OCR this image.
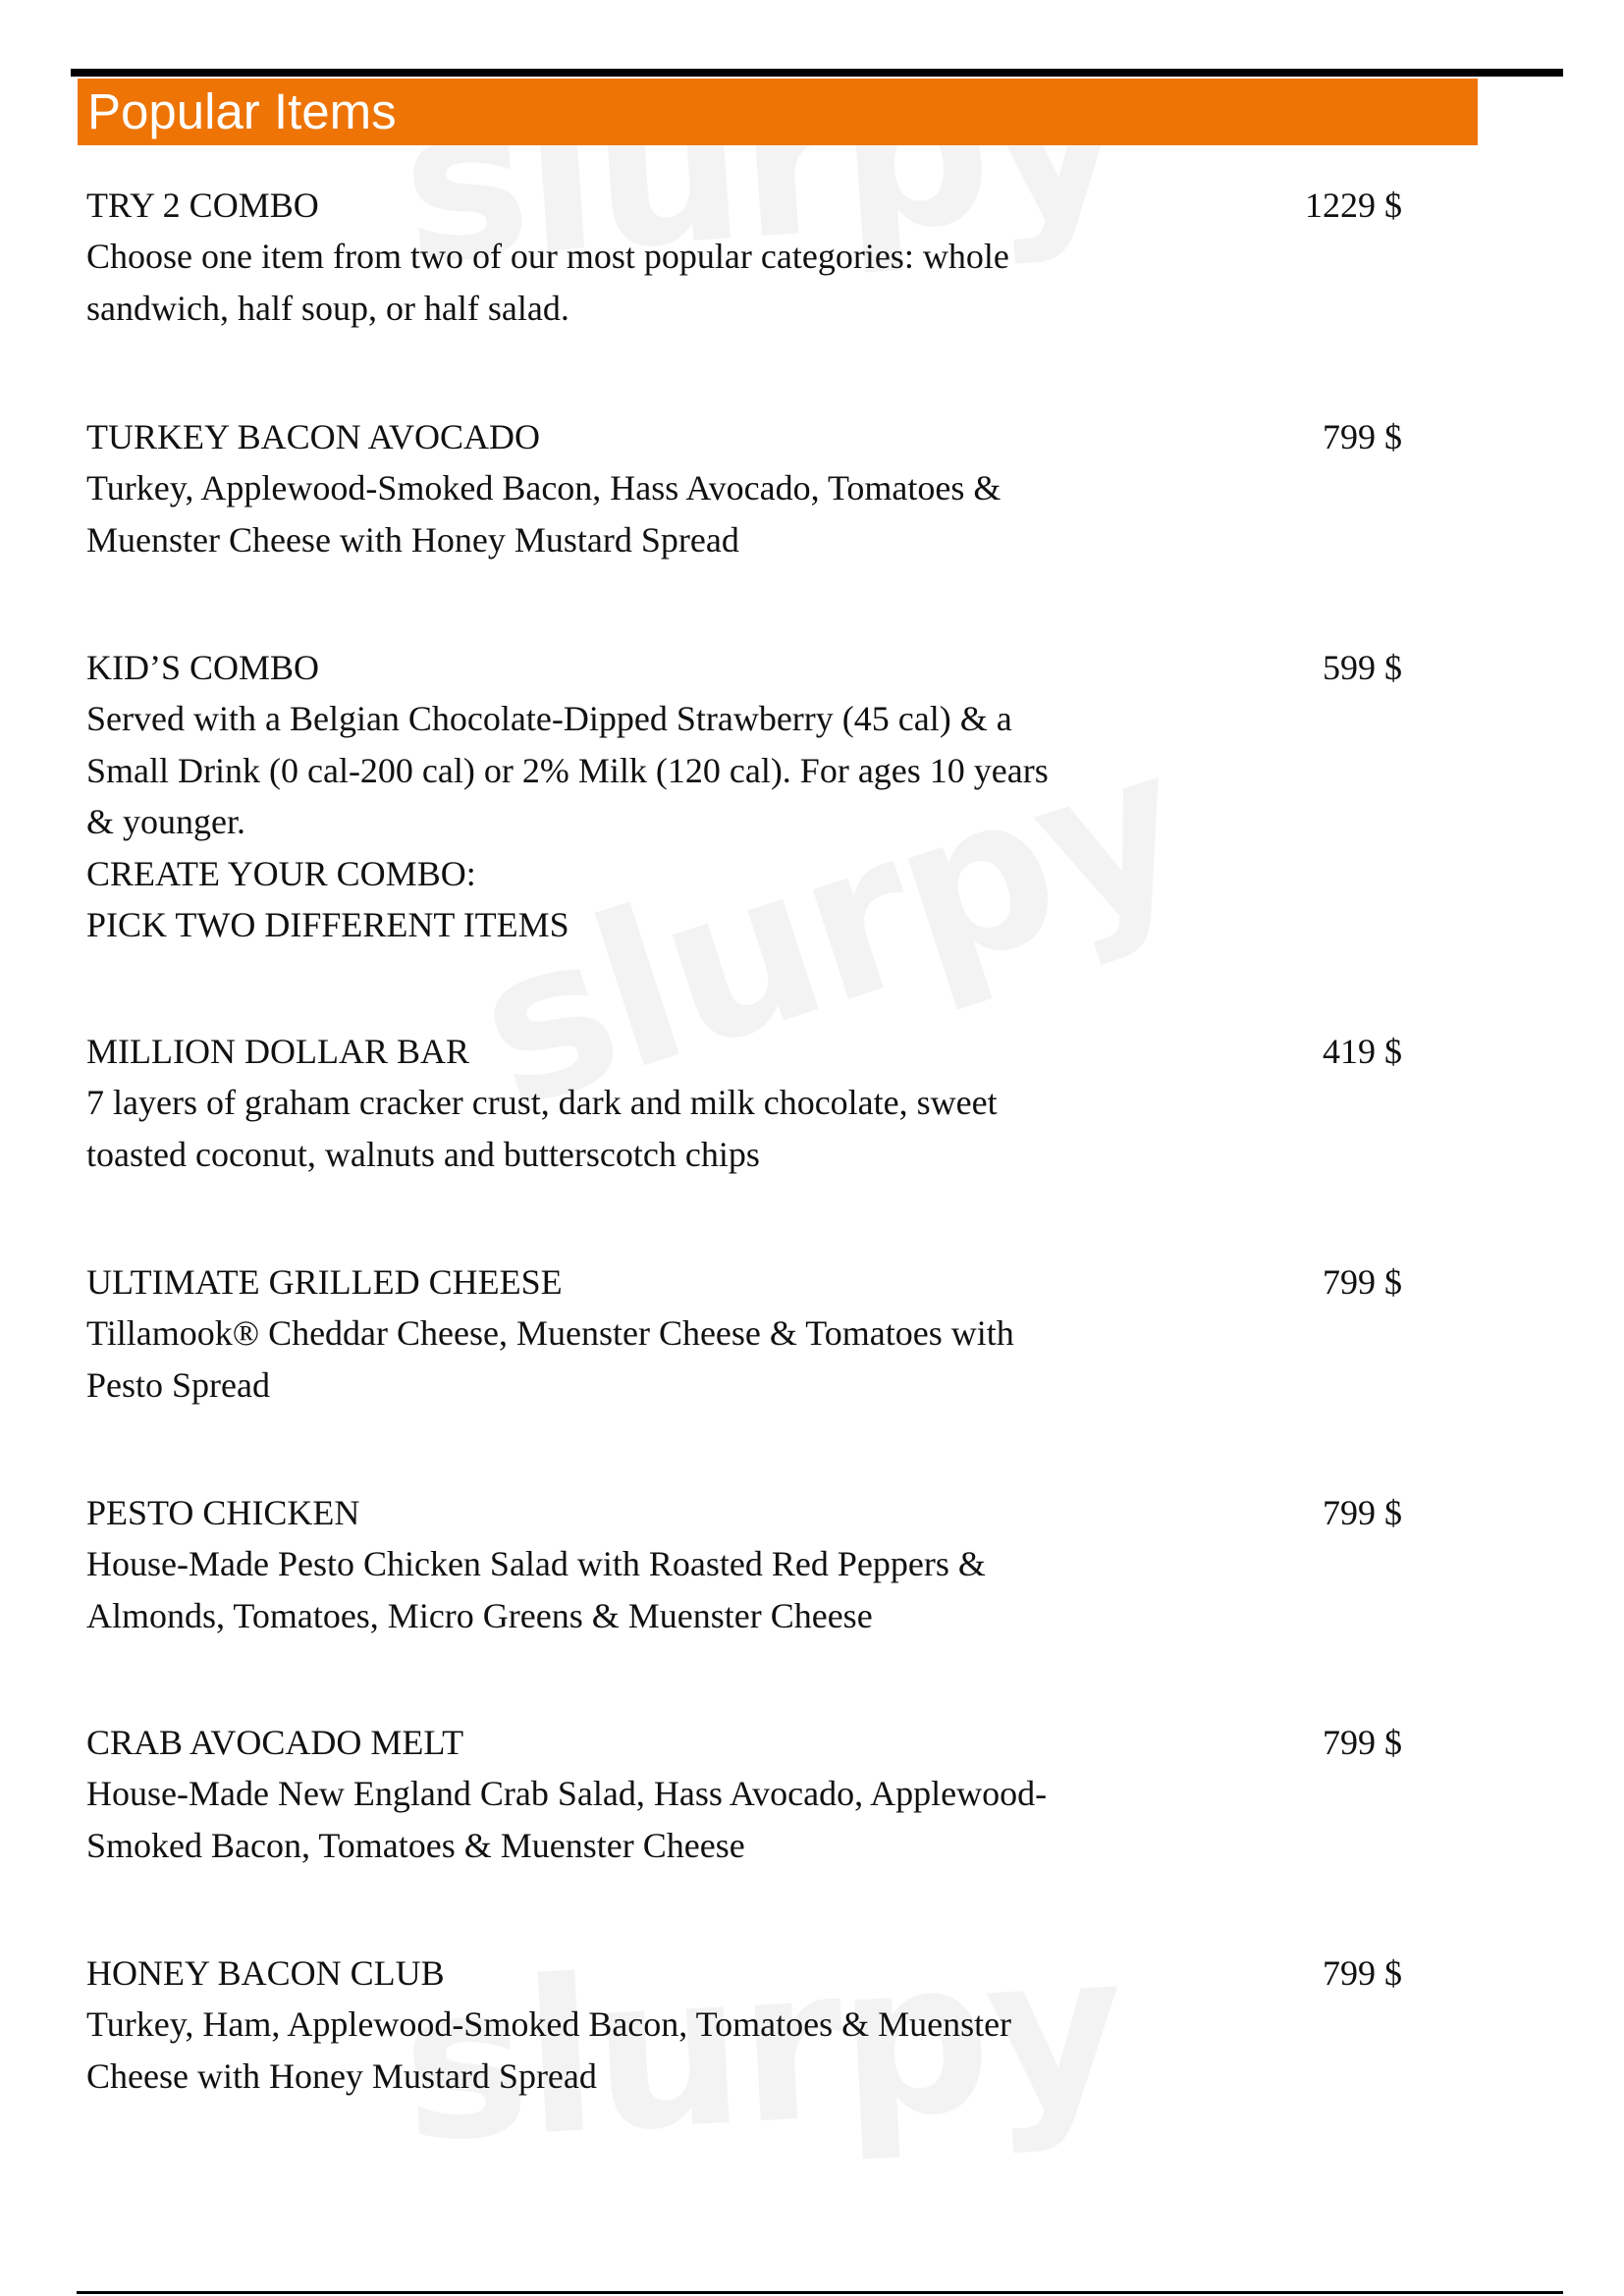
Popular Items
TRY 2 COMBO	1229 $
Choose one item from two of our most popular categories: whole
sandwich, half soup, or half salad.
TURKEY BACON AVOCADO	799 $
Turkey, Applewood-Smoked Bacon, Hass Avocado, Tomatoes &
Muenster Cheese with Honey Mustard Spread
KID’S COMBO	599 $
Served with a Belgian Chocolate-Dipped Strawberry (45 cal) & a
Small Drink (0 cal-200 cal) or 2% Milk (120 cal). For ages 10 years
& younger.
CREATE YOUR COMBO:
PICK TWO DIFFERENT ITEMS
MILLION DOLLAR BAR	419 $
7 layers of graham cracker crust, dark and milk chocolate, sweet
toasted coconut, walnuts and butterscotch chips
ULTIMATE GRILLED CHEESE	799 $
Tillamook® Cheddar Cheese, Muenster Cheese & Tomatoes with
Pesto Spread
PESTO CHICKEN	799 $
House-Made Pesto Chicken Salad with Roasted Red Peppers &
Almonds, Tomatoes, Micro Greens & Muenster Cheese
CRAB AVOCADO MELT	799 $
House-Made New England Crab Salad, Hass Avocado, Applewood-
Smoked Bacon, Tomatoes & Muenster Cheese
HONEY BACON CLUB	799 $
Turkey, Ham, Applewood-Smoked Bacon, Tomatoes & Muenster
Cheese with Honey Mustard Spread
